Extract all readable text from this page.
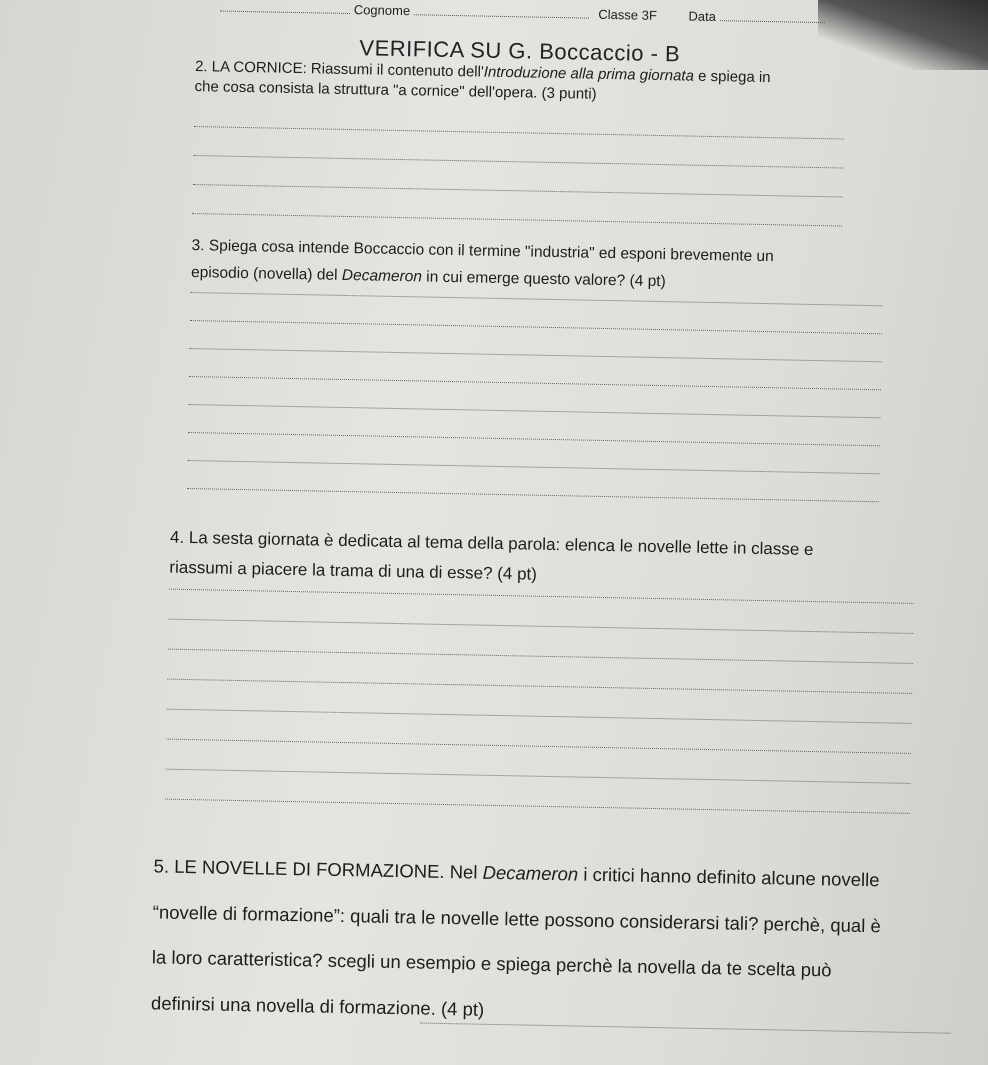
Cognome	Classe 3F Data
VERIFICA SU G. Boccaccio - B
2. LA CORNICE: Riassumi il contenuto dell'Introduzione alla prima giornata e spiega in
che cosa consista la struttura "a cornice" dell'opera. (3 punti)
3. Spiega cosa intende Boccaccio con il termine "industria" ed esponi brevemente un
episodio (novella) del Decameron in cui emerge questo valore? (4 pt)
4. La sesta giornata è dedicata al tema della parola: elenca le novelle lette in classe e
riassumi a piacere la trama di una di esse? (4 pt)
5. LE NOVELLE DI FORMAZIONE. Nel Decameron i critici hanno definito alcune novelle
“novelle di formazione”: quali tra le novelle lette possono considerarsi tali? perchè, qual è
la loro caratteristica? scegli un esempio e spiega perchè la novella da te scelta può
definirsi una novella di formazione. (4 pt)
